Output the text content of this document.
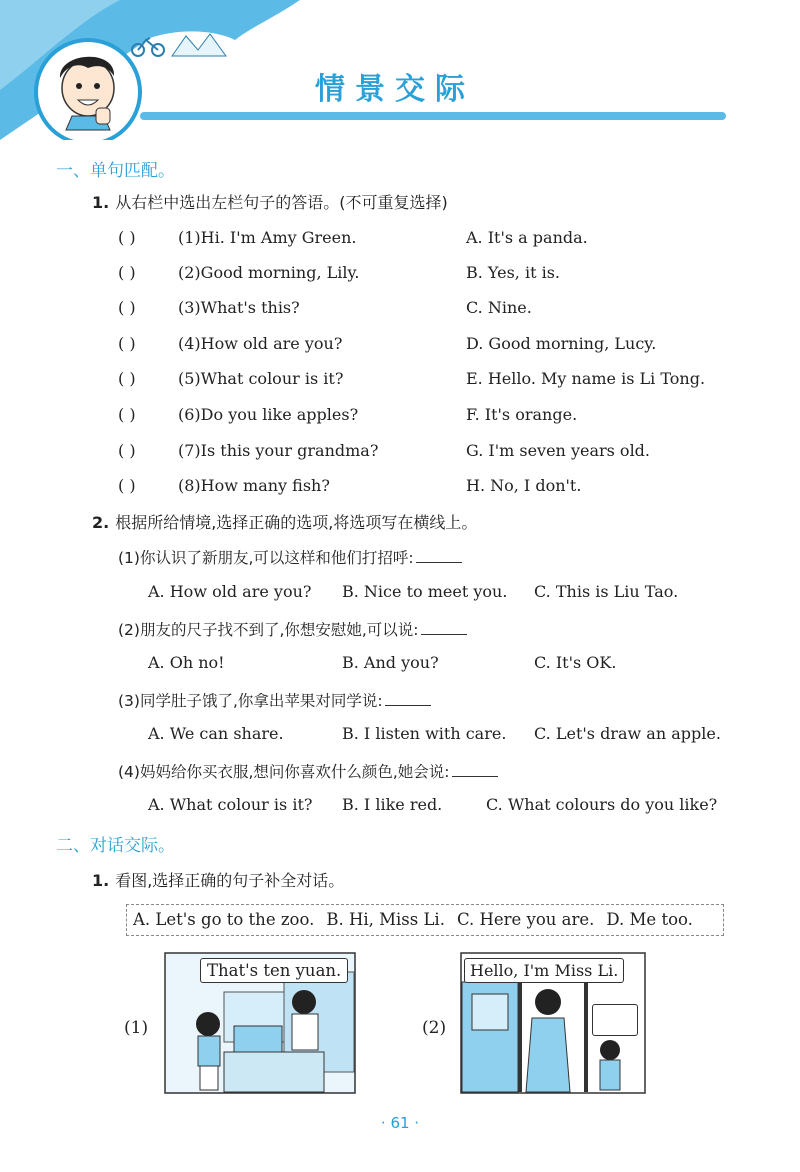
情景交际
一、单句匹配。
1. 从右栏中选出左栏句子的答语。(不可重复选择)
( )	(1)Hi. I'm Amy Green.	A. It's a panda.
( )	(2)Good morning, Lily.	B. Yes, it is.
( )	(3)What's this?	C. Nine.
( )	(4)How old are you?	D. Good morning, Lucy.
( )	(5)What colour is it?	E. Hello. My name is Li Tong.
( )	(6)Do you like apples?	F. It's orange.
( )	(7)Is this your grandma?	G. I'm seven years old.
( )	(8)How many fish?	H. No, I don't.
2. 根据所给情境,选择正确的选项,将选项写在横线上。
(1)你认识了新朋友,可以这样和他们打招呼:
A. How old are you? B. Nice to meet you. C. This is Liu Tao.
(2)朋友的尺子找不到了,你想安慰她,可以说:
A. Oh no!	B. And you?	C. It's OK.
(3)同学肚子饿了,你拿出苹果对同学说:
A. We can share.	B. I listen with care. C. Let's draw an apple.
(4)妈妈给你买衣服,想问你喜欢什么颜色,她会说:
A. What colour is it? B. I like red.	C. What colours do you like?
二、对话交际。
1. 看图,选择正确的句子补全对话。
A. Let's go to the zoo. B. Hi, Miss Li. C. Here you are. D. Me too.
(1)
That's ten yuan.
(2)
Hello, I'm Miss Li.
· 61 ·
